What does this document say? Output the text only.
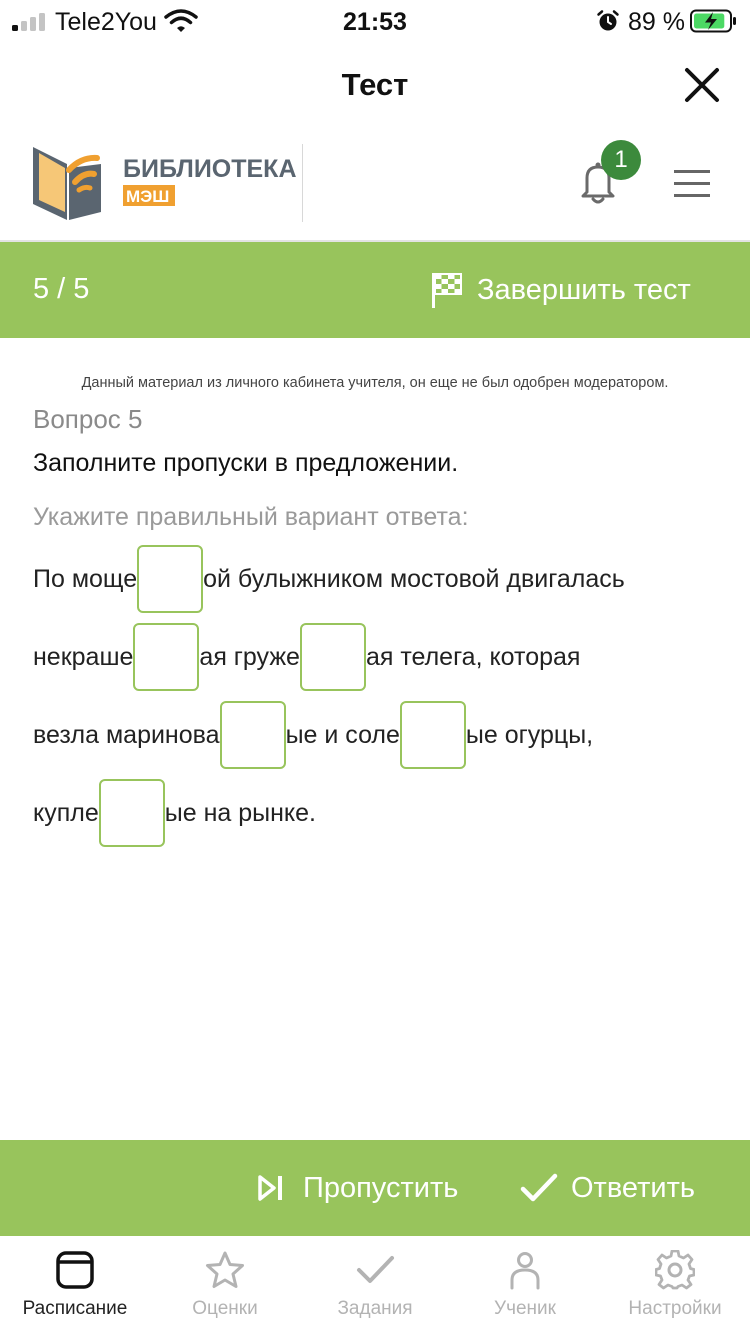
Tele2You	21:53	89 %
Тест
БИБЛИОТЕКА
МЭШ
1
5 / 5	Завершить тест
Данный материал из личного кабинета учителя, он еще не был одобрен модератором.
Вопрос 5
Заполните пропуски в предложении.
Укажите правильный вариант ответа:
По моще	ой булыжником мостовой двигалась
некраше	ая груже	ая телега, которая
везла маринова	ые и соле	ые огурцы,
купле	ые на рынке.
Пропустить	Ответить
Расписание	Оценки	Задания	Ученик	Настройки
